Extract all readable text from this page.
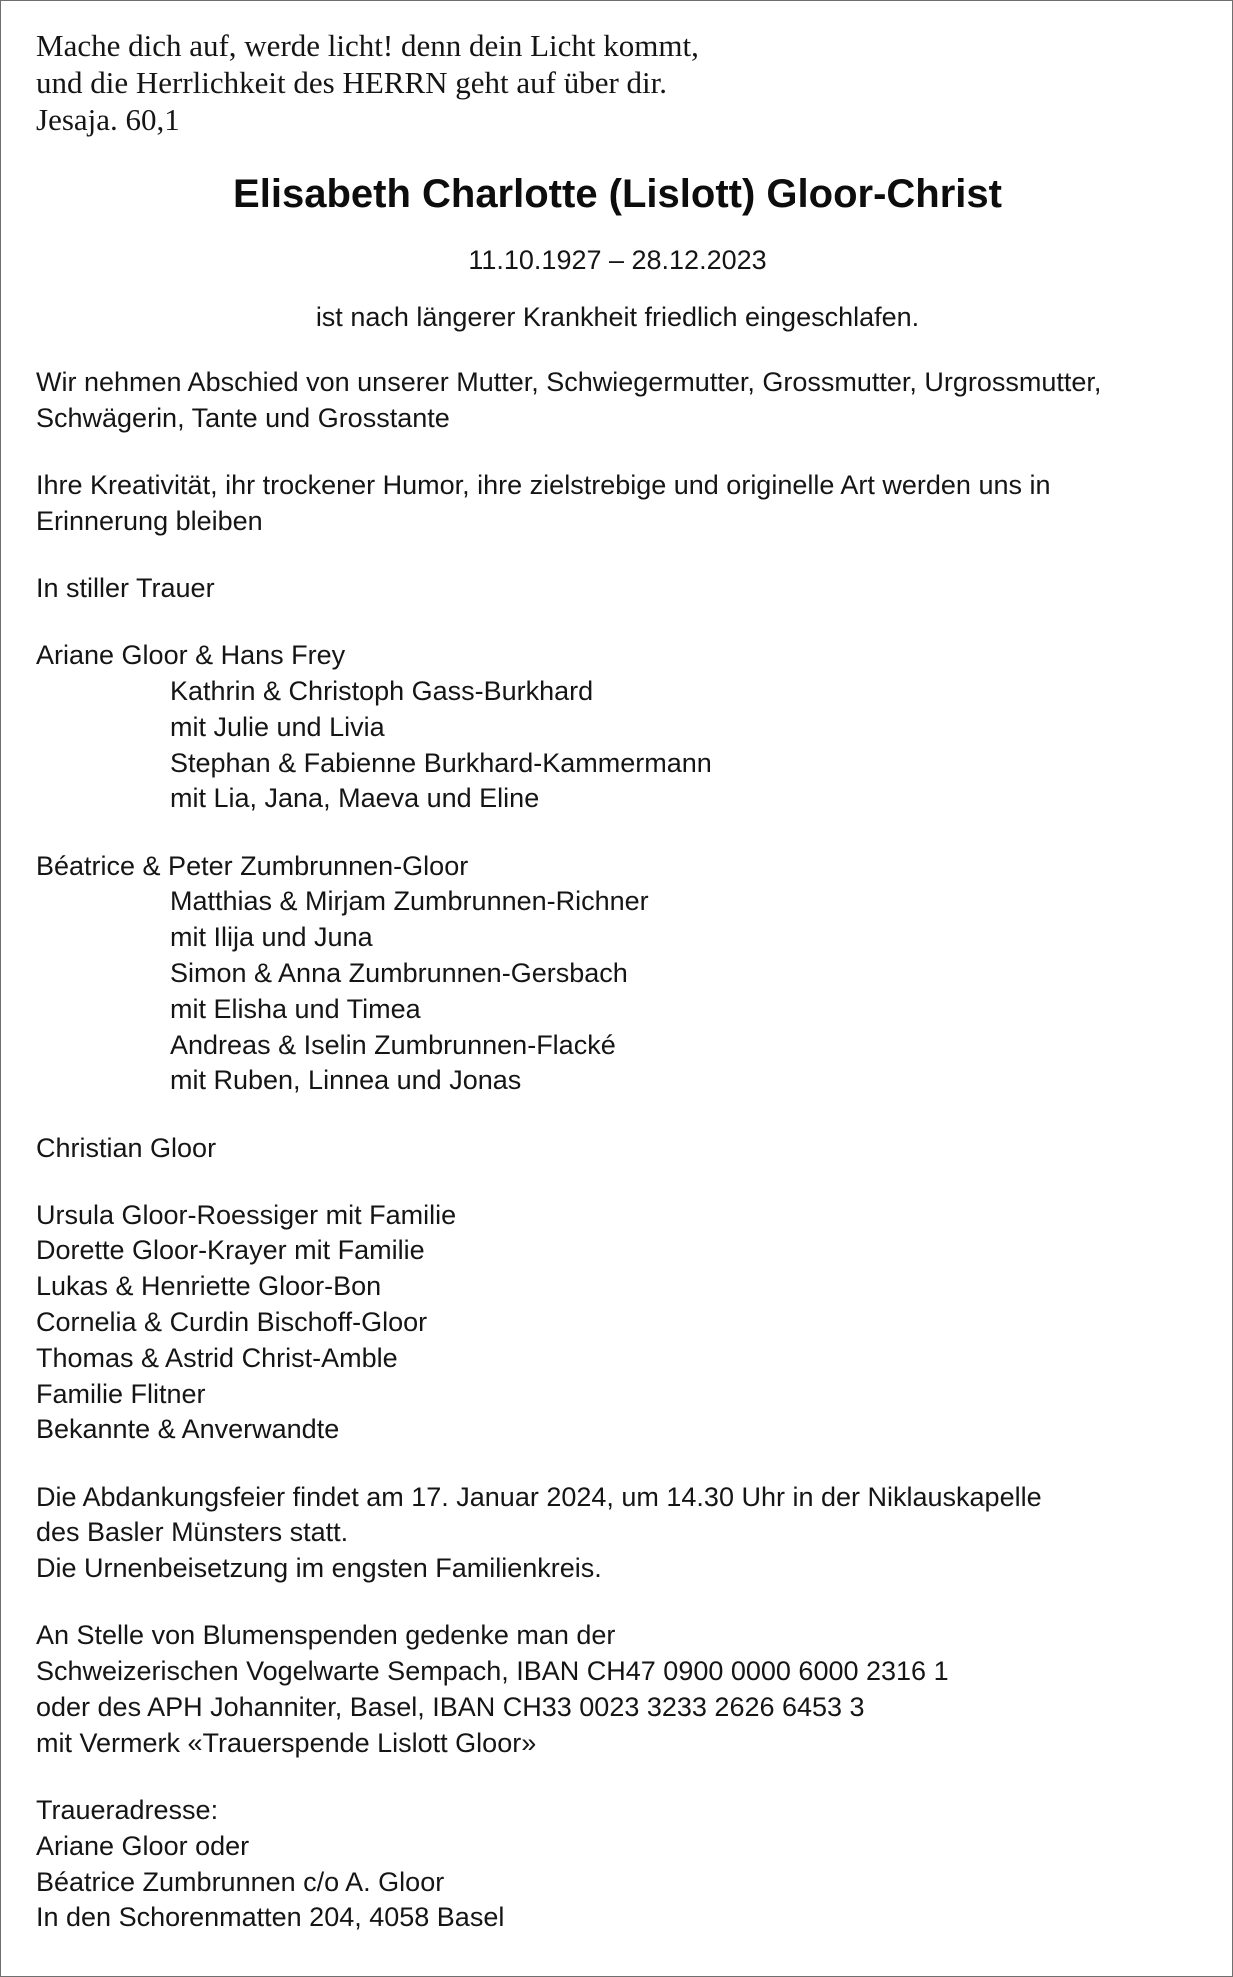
Mache dich auf, werde licht! denn dein Licht kommt,
und die Herrlichkeit des HERRN geht auf über dir.
Jesaja. 60,1
Elisabeth Charlotte (Lislott) Gloor-Christ
11.10.1927 – 28.12.2023
ist nach längerer Krankheit friedlich eingeschlafen.
Wir nehmen Abschied von unserer Mutter, Schwiegermutter, Grossmutter, Urgrossmutter,
Schwägerin, Tante und Grosstante
Ihre Kreativität, ihr trockener Humor, ihre zielstrebige und originelle Art werden uns in
Erinnerung bleiben
In stiller Trauer
Ariane Gloor & Hans Frey
Kathrin & Christoph Gass-Burkhard
mit Julie und Livia
Stephan & Fabienne Burkhard-Kammermann
mit Lia, Jana, Maeva und Eline
Béatrice & Peter Zumbrunnen-Gloor
Matthias & Mirjam Zumbrunnen-Richner
mit Ilija und Juna
Simon & Anna Zumbrunnen-Gersbach
mit Elisha und Timea
Andreas & Iselin Zumbrunnen-Flacké
mit Ruben, Linnea und Jonas
Christian Gloor
Ursula Gloor-Roessiger mit Familie
Dorette Gloor-Krayer mit Familie
Lukas & Henriette Gloor-Bon
Cornelia & Curdin Bischoff-Gloor
Thomas & Astrid Christ-Amble
Familie Flitner
Bekannte & Anverwandte
Die Abdankungsfeier findet am 17. Januar 2024, um 14.30 Uhr in der Niklauskapelle
des Basler Münsters statt.
Die Urnenbeisetzung im engsten Familienkreis.
An Stelle von Blumenspenden gedenke man der
Schweizerischen Vogelwarte Sempach, IBAN CH47 0900 0000 6000 2316 1
oder des APH Johanniter, Basel, IBAN CH33 0023 3233 2626 6453 3
mit Vermerk «Trauerspende Lislott Gloor»
Traueradresse:
Ariane Gloor oder
Béatrice Zumbrunnen c/o A. Gloor
In den Schorenmatten 204, 4058 Basel
